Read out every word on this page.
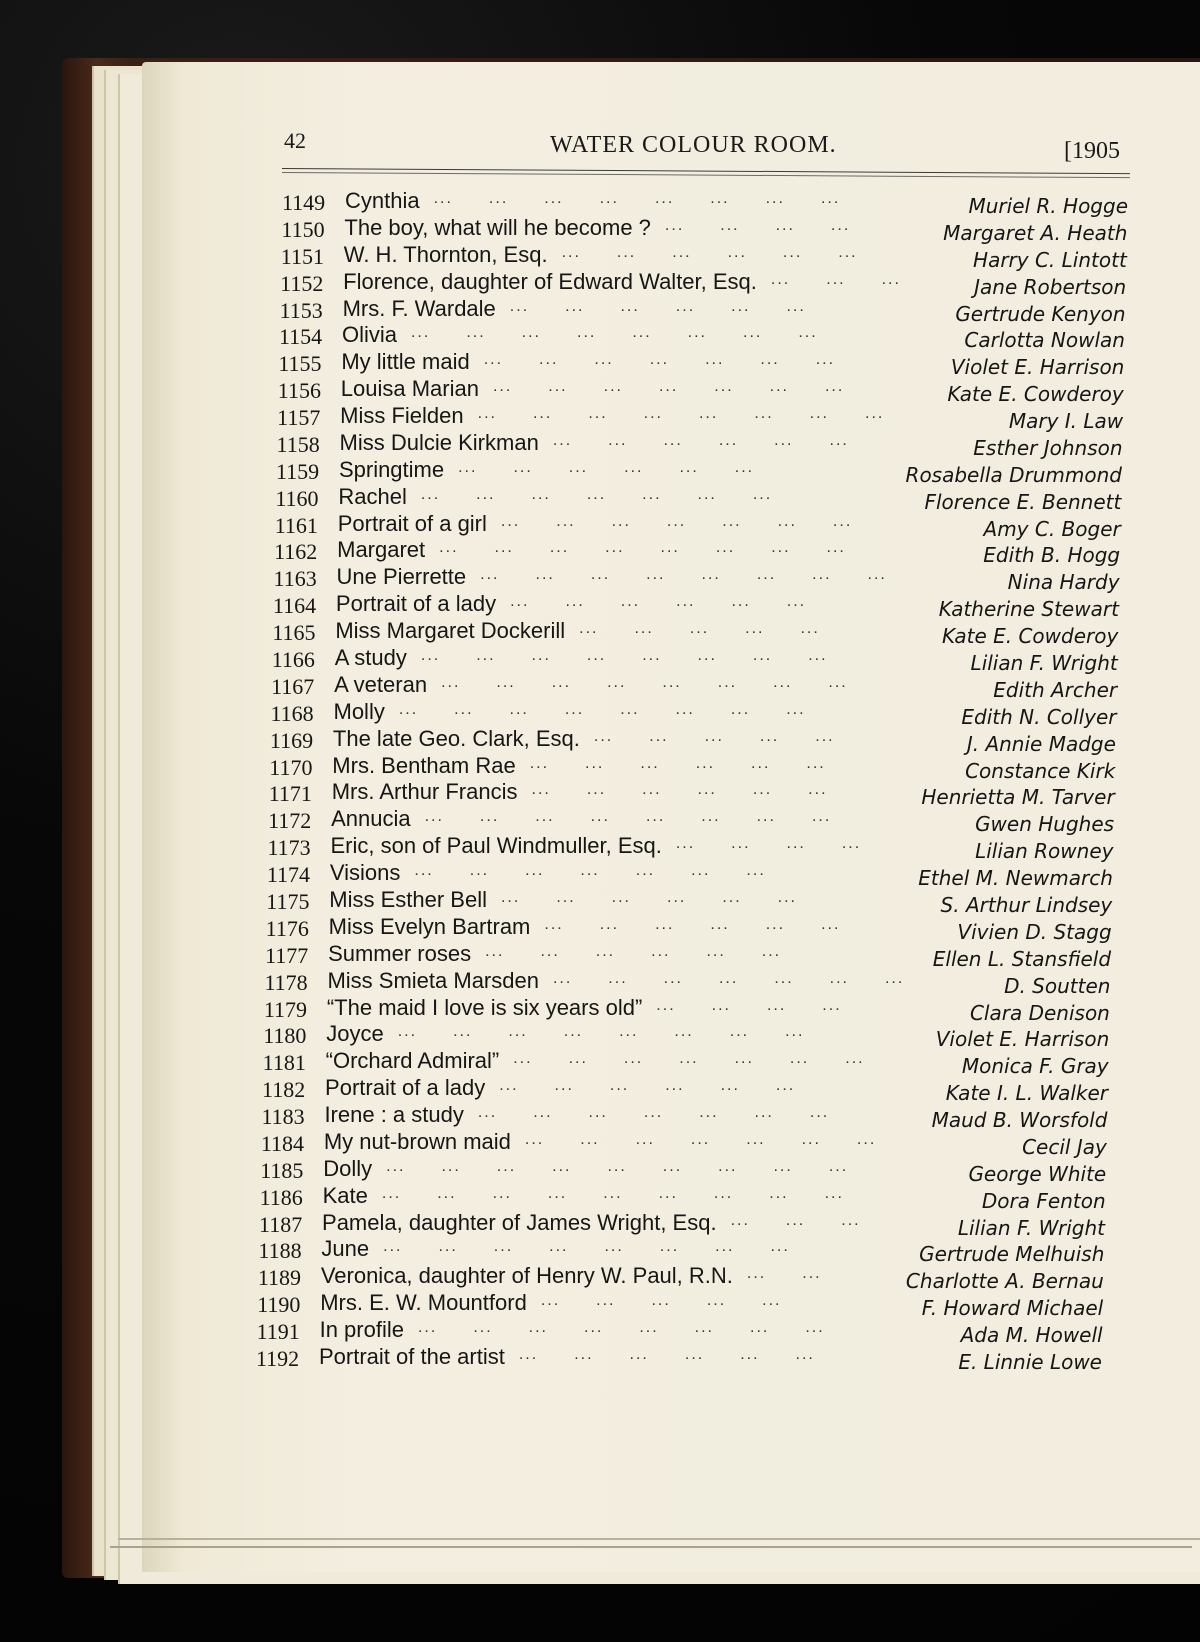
42	WATER COLOUR ROOM.	[1905
1149 Cynthia	Muriel R. Hogge
...  ...  ...  ...  ...  ...  ...  ...  
1150 The boy, what will he become ?	Margaret A. Heath
...  ...  ...  ...  
1151 W. H. Thornton, Esq.	Harry C. Lintott
...  ...  ...  ...  ...  ...  
1152 Florence, daughter of Edward Walter, Esq.	Jane Robertson
...  ...  ...  
1153 Mrs. F. Wardale	Gertrude Kenyon
...  ...  ...  ...  ...  ...  
1154 Olivia	Carlotta Nowlan
...  ...  ...  ...  ...  ...  ...  ...  
1155 My little maid	Violet E. Harrison
...  ...  ...  ...  ...  ...  ...  
1156 Louisa Marian	Kate E. Cowderoy
...  ...  ...  ...  ...  ...  ...  
1157 Miss Fielden	Mary I. Law
...  ...  ...  ...  ...  ...  ...  ...  
1158 Miss Dulcie Kirkman	Esther Johnson
...  ...  ...  ...  ...  ...  
1159 Springtime	Rosabella Drummond
...  ...  ...  ...  ...  ...  
1160 Rachel	Florence E. Bennett
...  ...  ...  ...  ...  ...  ...  
1161 Portrait of a girl	Amy C. Boger
...  ...  ...  ...  ...  ...  ...  
1162 Margaret	Edith B. Hogg
...  ...  ...  ...  ...  ...  ...  ...  
1163 Une Pierrette	Nina Hardy
...  ...  ...  ...  ...  ...  ...  ...  
1164 Portrait of a lady	Katherine Stewart
...  ...  ...  ...  ...  ...  
1165 Miss Margaret Dockerill	Kate E. Cowderoy
...  ...  ...  ...  ...  
1166 A study	Lilian F. Wright
...  ...  ...  ...  ...  ...  ...  ...  
1167 A veteran	Edith Archer
...  ...  ...  ...  ...  ...  ...  ...  
1168 Molly	Edith N. Collyer
...  ...  ...  ...  ...  ...  ...  ...  
1169 The late Geo. Clark, Esq.	J. Annie Madge
...  ...  ...  ...  ...  
1170 Mrs. Bentham Rae	Constance Kirk
...  ...  ...  ...  ...  ...  
1171 Mrs. Arthur Francis	Henrietta M. Tarver
...  ...  ...  ...  ...  ...  
1172 Annucia	Gwen Hughes
...  ...  ...  ...  ...  ...  ...  ...  
1173 Eric, son of Paul Windmuller, Esq.	Lilian Rowney
...  ...  ...  ...  
1174 Visions	Ethel M. Newmarch
...  ...  ...  ...  ...  ...  ...  
1175 Miss Esther Bell	S. Arthur Lindsey
...  ...  ...  ...  ...  ...  
1176 Miss Evelyn Bartram	Vivien D. Stagg
...  ...  ...  ...  ...  ...  
1177 Summer roses	Ellen L. Stansfield
...  ...  ...  ...  ...  ...  
1178 Miss Smieta Marsden	D. Soutten
...  ...  ...  ...  ...  ...  ...  
1179 “The maid I love is six years old”	Clara Denison
...  ...  ...  ...  
1180 Joyce	Violet E. Harrison
...  ...  ...  ...  ...  ...  ...  ...  
1181 “Orchard Admiral”	Monica F. Gray
...  ...  ...  ...  ...  ...  ...  
1182 Portrait of a lady	Kate I. L. Walker
...  ...  ...  ...  ...  ...  
1183 Irene : a study	Maud B. Worsfold
...  ...  ...  ...  ...  ...  ...  
1184 My nut-brown maid	Cecil Jay
...  ...  ...  ...  ...  ...  ...  
1185 Dolly	George White
...  ...  ...  ...  ...  ...  ...  ...  ...  
1186 Kate	Dora Fenton
...  ...  ...  ...  ...  ...  ...  ...  ...  
1187 Pamela, daughter of James Wright, Esq.	Lilian F. Wright
...  ...  ...  
1188 June	Gertrude Melhuish
...  ...  ...  ...  ...  ...  ...  ...  
1189 Veronica, daughter of Henry W. Paul, R.N.	Charlotte A. Bernau
...  ...  
1190 Mrs. E. W. Mountford	F. Howard Michael
...  ...  ...  ...  ...  
1191 In profile	Ada M. Howell
...  ...  ...  ...  ...  ...  ...  ...  
1192 Portrait of the artist	E. Linnie Lowe
...  ...  ...  ...  ...  ...  
